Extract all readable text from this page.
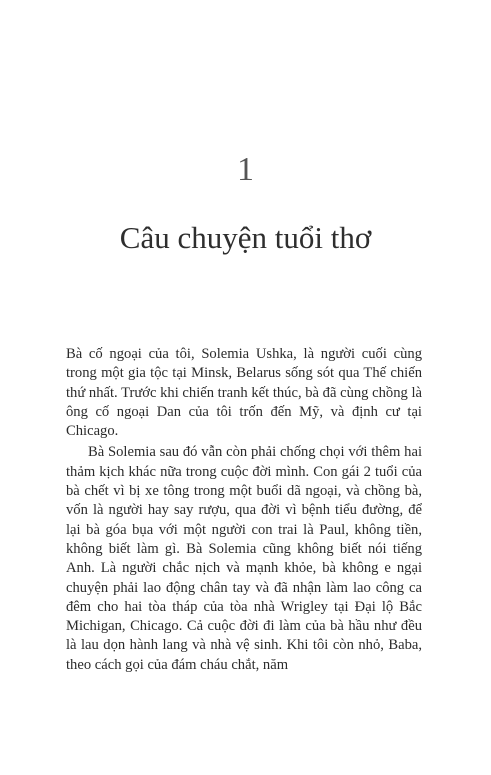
1
Câu chuyện tuổi thơ

Bà cố ngoại của tôi, Solemia Ushka, là người cuối cùng trong một gia tộc tại Minsk, Belarus sống sót qua Thế chiến thứ nhất. Trước khi chiến tranh kết thúc, bà đã cùng chồng là ông cố ngoại Dan của tôi trốn đến Mỹ, và định cư tại Chicago.

Bà Solemia sau đó vẫn còn phải chống chọi với thêm hai thảm kịch khác nữa trong cuộc đời mình. Con gái 2 tuổi của bà chết vì bị xe tông trong một buổi dã ngoại, và chồng bà, vốn là người hay say rượu, qua đời vì bệnh tiểu đường, để lại bà góa bụa với một người con trai là Paul, không tiền, không biết làm gì. Bà Solemia cũng không biết nói tiếng Anh. Là người chắc nịch và mạnh khỏe, bà không e ngại chuyện phải lao động chân tay và đã nhận làm lao công ca đêm cho hai tòa tháp của tòa nhà Wrigley tại Đại lộ Bắc Michigan, Chicago. Cả cuộc đời đi làm của bà hầu như đều là lau dọn hành lang và nhà vệ sinh. Khi tôi còn nhỏ, Baba, theo cách gọi của đám cháu chắt, năm
